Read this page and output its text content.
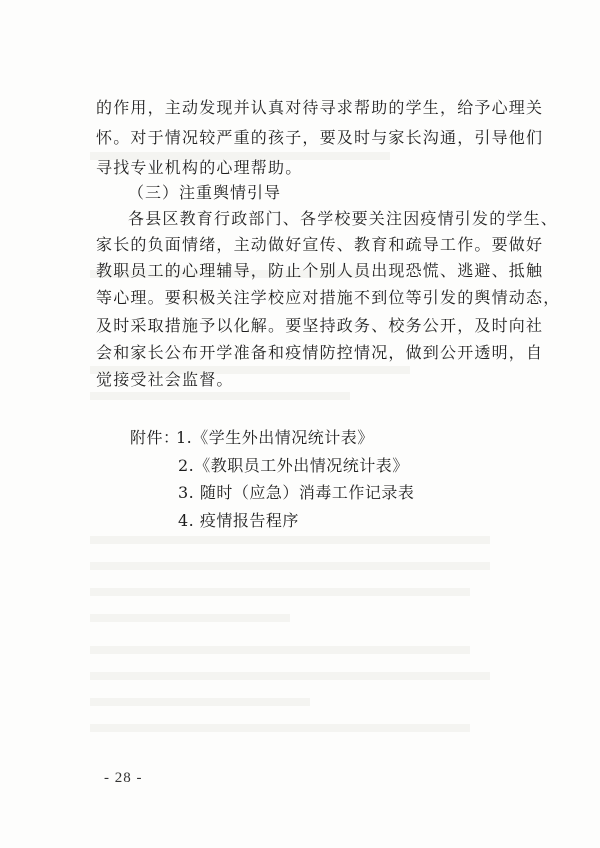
的作用，主动发现并认真对待寻求帮助的学生，给予心理关
怀。对于情况较严重的孩子，要及时与家长沟通，引导他们
寻找专业机构的心理帮助。
（三）注重舆情引导
各县区教育行政部门、各学校要关注因疫情引发的学生、
家长的负面情绪，主动做好宣传、教育和疏导工作。要做好
教职员工的心理辅导，防止个别人员出现恐慌、逃避、抵触
等心理。要积极关注学校应对措施不到位等引发的舆情动态，
及时采取措施予以化解。要坚持政务、校务公开，及时向社
会和家长公布开学准备和疫情防控情况，做到公开透明，自
觉接受社会监督。
附件：
1.《学生外出情况统计表》
2.《教职员工外出情况统计表》
3. 随时（应急）消毒工作记录表
4. 疫情报告程序
- 28 -
